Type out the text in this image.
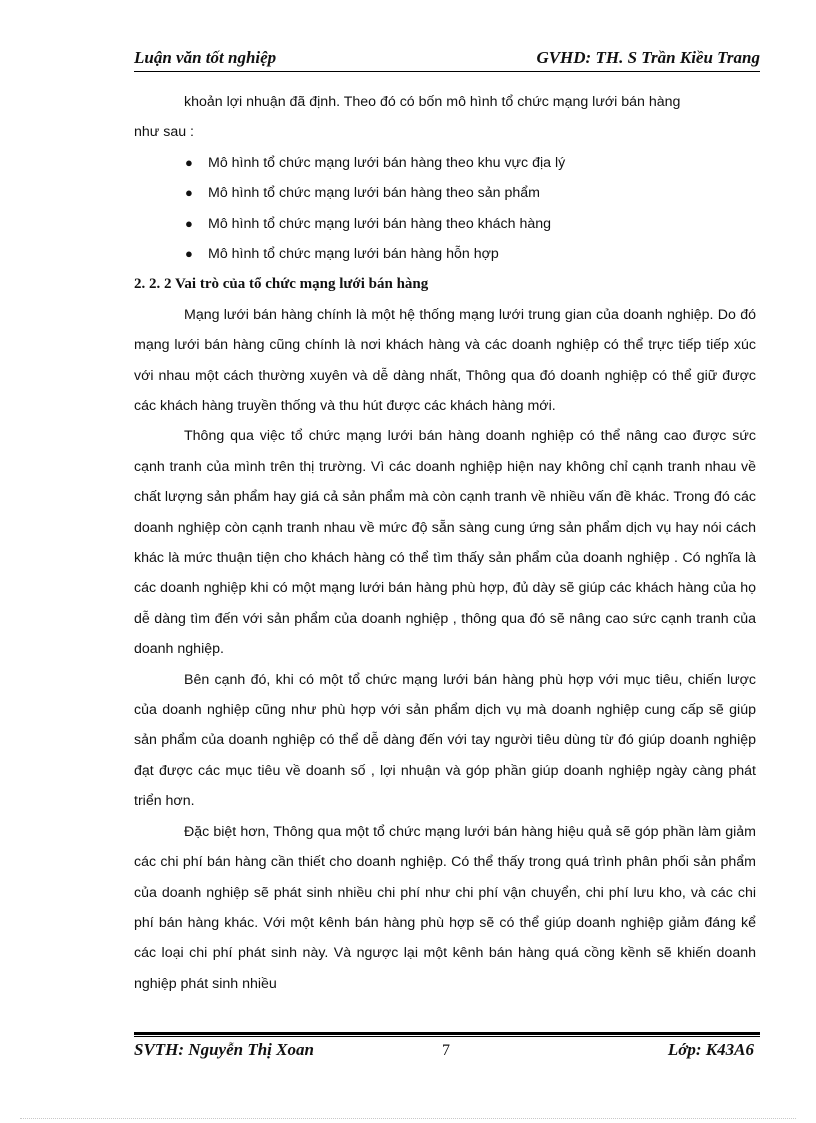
Luận văn tốt nghiệp	GVHD: TH. S Trần Kiều Trang

khoản lợi nhuận đã định. Theo đó có bốn mô hình tổ chức mạng lưới bán hàng

như sau :

● Mô hình tổ chức mạng lưới bán hàng theo khu vực địa lý
● Mô hình tổ chức mạng lưới bán hàng theo sản phẩm
● Mô hình tổ chức mạng lưới bán hàng theo khách hàng
● Mô hình tổ chức mạng lưới bán hàng hỗn hợp

2. 2. 2 Vai trò của tổ chức mạng lưới bán hàng

Mạng lưới bán hàng chính là một hệ thống mạng lưới trung gian của doanh nghiệp. Do đó mạng lưới bán hàng cũng chính là nơi khách hàng và các doanh nghiệp có thể trực tiếp tiếp xúc với nhau một cách thường xuyên và dễ dàng nhất, Thông qua đó doanh nghiệp có thể giữ được các khách hàng truyền thống và thu hút được các khách hàng mới.

Thông qua việc tổ chức mạng lưới bán hàng doanh nghiệp có thể nâng cao được sức cạnh tranh của mình trên thị trường. Vì các doanh nghiệp hiện nay không chỉ cạnh tranh nhau về chất lượng sản phẩm hay giá cả sản phẩm mà còn cạnh tranh về nhiều vấn đề khác. Trong đó các doanh nghiệp còn cạnh tranh nhau về mức độ sẵn sàng cung ứng sản phẩm dịch vụ hay nói cách khác là mức thuận tiện cho khách hàng có thể tìm thấy sản phẩm của doanh nghiệp . Có nghĩa là các doanh nghiệp khi có một mạng lưới bán hàng phù hợp, đủ dày sẽ giúp các khách hàng của họ dễ dàng tìm đến với sản phẩm của doanh nghiệp , thông qua đó sẽ nâng cao sức cạnh tranh của doanh nghiệp.

Bên cạnh đó, khi có một tổ chức mạng lưới bán hàng phù hợp với mục tiêu, chiến lược của doanh nghiệp cũng như phù hợp với sản phẩm dịch vụ mà doanh nghiệp cung cấp sẽ giúp sản phẩm của doanh nghiệp có thể dễ dàng đến với tay người tiêu dùng từ đó giúp doanh nghiệp đạt được các mục tiêu về doanh số , lợi nhuận và góp phần giúp doanh nghiệp ngày càng phát triển hơn.

Đặc biệt hơn, Thông qua một tổ chức mạng lưới bán hàng hiệu quả sẽ góp phần làm giảm các chi phí bán hàng cần thiết cho doanh nghiệp. Có thể thấy trong quá trình phân phối sản phẩm của doanh nghiệp sẽ phát sinh nhiều chi phí như chi phí vận chuyển, chi phí lưu kho, và các chi phí bán hàng khác. Với một kênh bán hàng phù hợp sẽ có thể giúp doanh nghiệp giảm đáng kể các loại chi phí phát sinh này. Và ngược lại một kênh bán hàng quá cồng kềnh sẽ khiến doanh nghiệp phát sinh nhiều

SVTH: Nguyễn Thị Xoan	7	Lớp: K43A6
